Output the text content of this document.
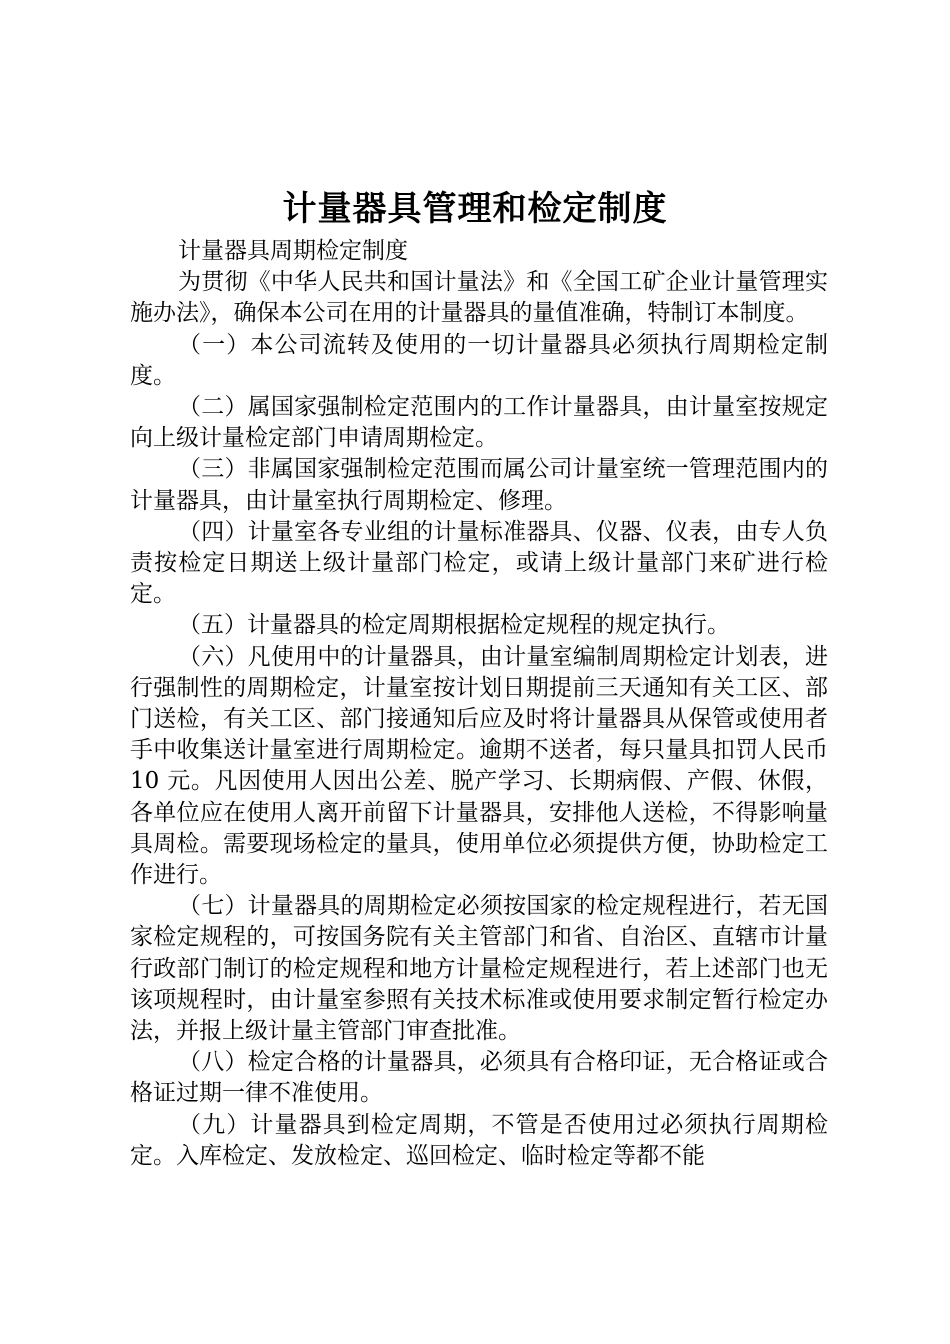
计量器具管理和检定制度

计量器具周期检定制度

为贯彻《中华人民共和国计量法》和《全国工矿企业计量管理实施办法》，确保本公司在用的计量器具的量值准确，特制订本制度。

（一）本公司流转及使用的一切计量器具必须执行周期检定制度。

（二）属国家强制检定范围内的工作计量器具，由计量室按规定向上级计量检定部门申请周期检定。

（三）非属国家强制检定范围而属公司计量室统一管理范围内的计量器具，由计量室执行周期检定、修理。

（四）计量室各专业组的计量标准器具、仪器、仪表，由专人负责按检定日期送上级计量部门检定，或请上级计量部门来矿进行检定。

（五）计量器具的检定周期根据检定规程的规定执行。

（六）凡使用中的计量器具，由计量室编制周期检定计划表，进行强制性的周期检定，计量室按计划日期提前三天通知有关工区、部门送检，有关工区、部门接通知后应及时将计量器具从保管或使用者手中收集送计量室进行周期检定。逾期不送者，每只量具扣罚人民币 10 元。凡因使用人因出公差、脱产学习、长期病假、产假、休假，各单位应在使用人离开前留下计量器具，安排他人送检，不得影响量具周检。需要现场检定的量具，使用单位必须提供方便，协助检定工作进行。

（七）计量器具的周期检定必须按国家的检定规程进行，若无国家检定规程的，可按国务院有关主管部门和省、自治区、直辖市计量行政部门制订的检定规程和地方计量检定规程进行，若上述部门也无该项规程时，由计量室参照有关技术标准或使用要求制定暂行检定办法，并报上级计量主管部门审查批准。

（八）检定合格的计量器具，必须具有合格印证，无合格证或合格证过期一律不准使用。

（九）计量器具到检定周期，不管是否使用过必须执行周期检定。入库检定、发放检定、巡回检定、临时检定等都不能
